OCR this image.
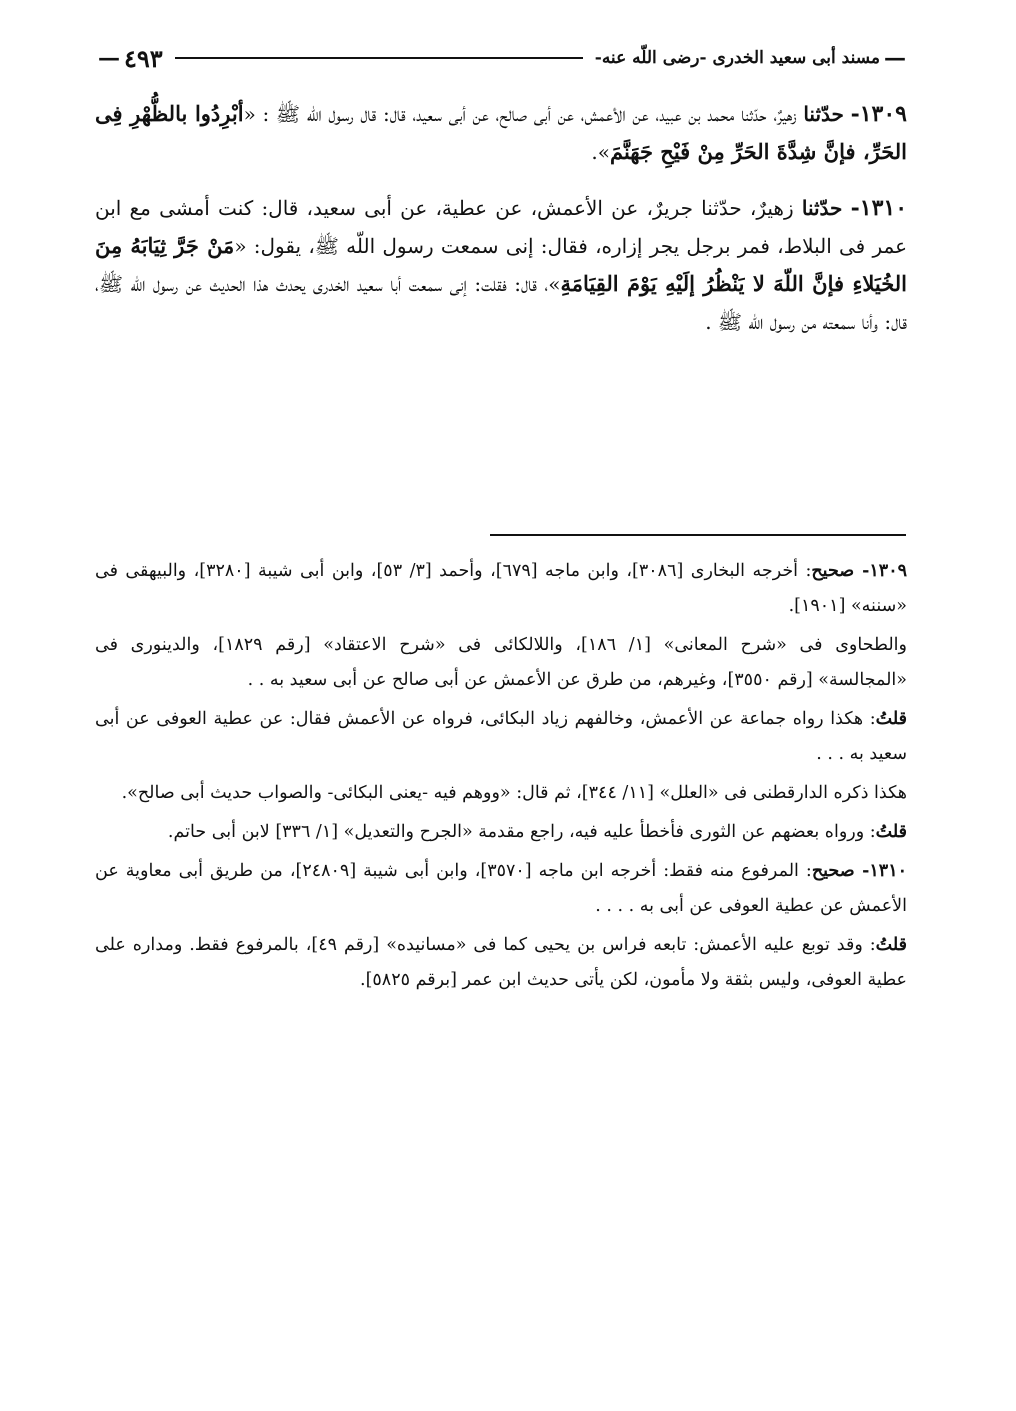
—
مسند أبى سعيد الخدرى -رضى اللّه عنه-
٤٩٣
—

١٣٠٩- حدّثنا زهيرٌ، حدّثنا محمد بن عبيد، عن الأعمش، عن أبى صالح، عن أبى سعيد، قال: قال رسول اللّه ﷺ : «أبْرِدُوا بالظُّهْرِ فِى الحَرِّ، فإنَّ شِدَّةَ الحَرِّ مِنْ فَيْحِ جَهَنَّمَ».

١٣١٠- حدّثنا زهيرٌ، حدّثنا جريرٌ، عن الأعمش، عن عطية، عن أبى سعيد، قال: كنت أمشى مع ابن عمر فى البلاط، فمر برجل يجر إزاره، فقال: إنى سمعت رسول اللّه ﷺ، يقول: «مَنْ جَرَّ ثِيَابَهُ مِنَ الخُيَلاءِ فإنَّ اللّهَ لا يَنْظُرُ إلَيْهِ يَوْمَ القِيَامَةِ»، قال: فقلت: إنى سمعت أبا سعيد الخدرى يحدث هذا الحديث عن رسول اللّه ﷺ، قال: وأنا سمعته من رسول اللّه ﷺ .

١٣٠٩- صحيح: أخرجه البخارى [٣٠٨٦]، وابن ماجه [٦٧٩]، وأحمد [٣/ ٥٣]، وابن أبى شيبة [٣٢٨٠]، والبيهقى فى «سننه» [١٩٠١].

والطحاوى فى «شرح المعانى» [١/ ١٨٦]، واللالكائى فى «شرح الاعتقاد» [رقم ١٨٢٩]، والدينورى فى «المجالسة» [رقم ٣٥٥٠]، وغيرهم، من طرق عن الأعمش عن أبى صالح عن أبى سعيد به . .

قلتُ: هكذا رواه جماعة عن الأعمش، وخالفهم زياد البكائى، فرواه عن الأعمش فقال: عن عطية العوفى عن أبى سعيد به . . .

هكذا ذكره الدارقطنى فى «العلل» [١١/ ٣٤٤]، ثم قال: «ووهم فيه -يعنى البكائى- والصواب حديث أبى صالح».

قلتُ: ورواه بعضهم عن الثورى فأخطأ عليه فيه، راجع مقدمة «الجرح والتعديل» [١/ ٣٣٦] لابن أبى حاتم.

١٣١٠- صحيح: المرفوع منه فقط: أخرجه ابن ماجه [٣٥٧٠]، وابن أبى شيبة [٢٤٨٠٩]، من طريق أبى معاوية عن الأعمش عن عطية العوفى عن أبى به . . . .

قلتُ: وقد توبع عليه الأعمش: تابعه فراس بن يحيى كما فى «مسانيده» [رقم ٤٩]، بالمرفوع فقط. ومداره على عطية العوفى، وليس بثقة ولا مأمون، لكن يأتى حديث ابن عمر [برقم ٥٨٢٥].
